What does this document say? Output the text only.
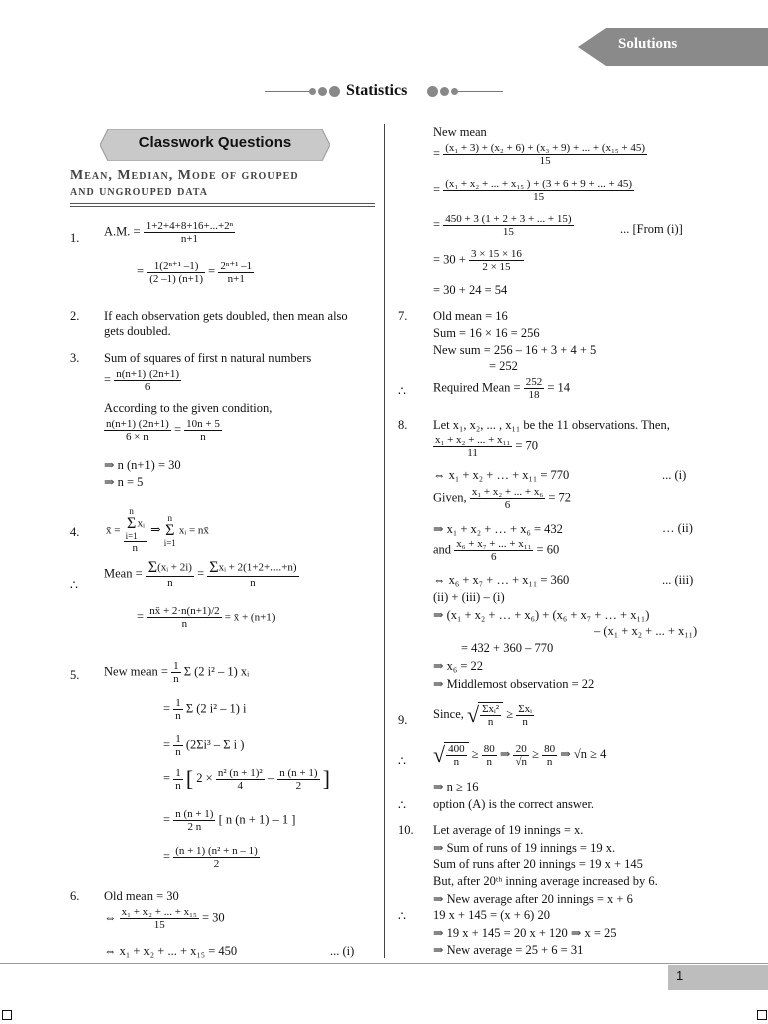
Solutions
Statistics
Classwork Questions
Mean, Median, Mode of grouped
and ungrouped data
1. A.M. = $\frac{\text{1+2+4+8+16+...+2ⁿ}}{n+1}$
= $\frac{\text{1(2ⁿ⁺¹ –1)}}{(2 -1) (n+1)} = \frac{\text{2ⁿ⁺¹ –1}}{n+1}$
2. If each observation gets doubled, then mean also
gets doubled.
3. Sum of squares of first n natural numbers
= $\frac{n(n+1) (2n+1)}{6}$
According to the given condition,
$\frac{n(n+1) (2n+1)}{6 \times n} = \frac{10n + 5}{n}$
⇒ n (n+1) = 30
⇒ n = 5
4. x̄ = n
Σ
i=1xᵢ
n ⇒ n
Σ
i=1 xᵢ = nx̄
∴
Mean = $\frac{\text{Σ (xᵢ + 2i)}}{n} = \frac{\text{Σ xᵢ + 2(1+2+....+n)}}{n}$
= $\frac{nx̄ + 2\cdot n(n+1)/2}{n}$ = x̄ + (n+1)
5. New mean = $\frac{1}{n}$ Σ (2 i² – 1) xᵢ
= $\frac{1}{n}$ Σ (2 i² – 1) i
= $\frac{1}{n} (2\Sigma i^3$ – Σ i )
= $\frac{1}{n}$ [ $2 \times \frac{\text{n² (n + 1)²}}{4} - \frac{n (n + 1)}{2}$ ]
= $\frac{n (n + 1)}{2 n}$ [ n (n + 1) – 1 ]
= $\frac{\text{(n + 1) (n² + n – 1)}}{2}$
6. Old mean = 30
⇔ $\frac{\text{x₁ + x₂ + ... + x₁₅}}{15} = 30$
⇔ x₁ + x₂ + ... + x₁₅ = 450	... (i)
New mean
= $\frac{\text{(x₁ + 3) + (x₂ + 6) + (x₃ + 9) + ... + (x₁₅ + 45)}}{15}$
= $\frac{\text{(x₁ + x₂ + ... + x₁₅ ) + (3 + 6 + 9 + ... + 45)}}{15}$
= $\frac{450 + 3 (1 + 2 + 3 + ... + 15)}{15}$	... [From (i)]
= $30 + \frac{3 \times 15 \times 16}{2 \times 15}$
= 30 + 24 = 54
7. Old mean = 16
Sum = 16 × 16 = 256
New sum = 256 – 16 + 3 + 4 + 5
= 252
∴ Required Mean = $\frac{252}{18} = 14$
8. Let x₁, x₂, ... , x₁₁ be the 11 observations. Then,
$\frac{\text{x₁ + x₂ + ... + x₁₁}}{11} = 70$
⇔ x₁ + x₂ + … + x₁₁ = 770	... (i)
Given, $\frac{\text{x₁ + x₂ + ... + x₆}}{6} = 72$
⇒ x₁ + x₂ + … + x₆ = 432	… (ii)
and $\frac{\text{x₆ + x₇ + ... + x₁₁}}{6} = 60$
⇔ x₆ + x₇ + … + x₁₁ = 360	... (iii)
(ii) + (iii) – (i)
⇒ (x₁ + x₂ + … + x₆) + (x₆ + x₇ + … + x₁₁)
– (x₁ + x₂ + ... + x₁₁)
= 432 + 360 – 770
⇒ x₆ = 22
⇒ Middlemost observation = 22
9. Since, √ $\frac{\text{Σxᵢ²}}{n} \ge \frac{\text{Σxᵢ}}{n}$
∴ √ $\frac{400}{n} \ge \frac{80}{n}$ ⇒ $\frac{20}{√n} \ge \frac{80}{n}$ ⇒ √n ≥ 4
⇒ n ≥ 16
∴ option (A) is the correct answer.
10. Let average of 19 innings = x.
⇒ Sum of runs of 19 innings = 19 x.
Sum of runs after 20 innings = 19 x + 145
But, after 20ᵗʰ inning average increased by 6.
⇒ New average after 20 innings = x + 6
∴ 19 x + 145 = (x + 6) 20
⇒ 19 x + 145 = 20 x + 120 ⇒ x = 25
⇒ New average = 25 + 6 = 31
1
